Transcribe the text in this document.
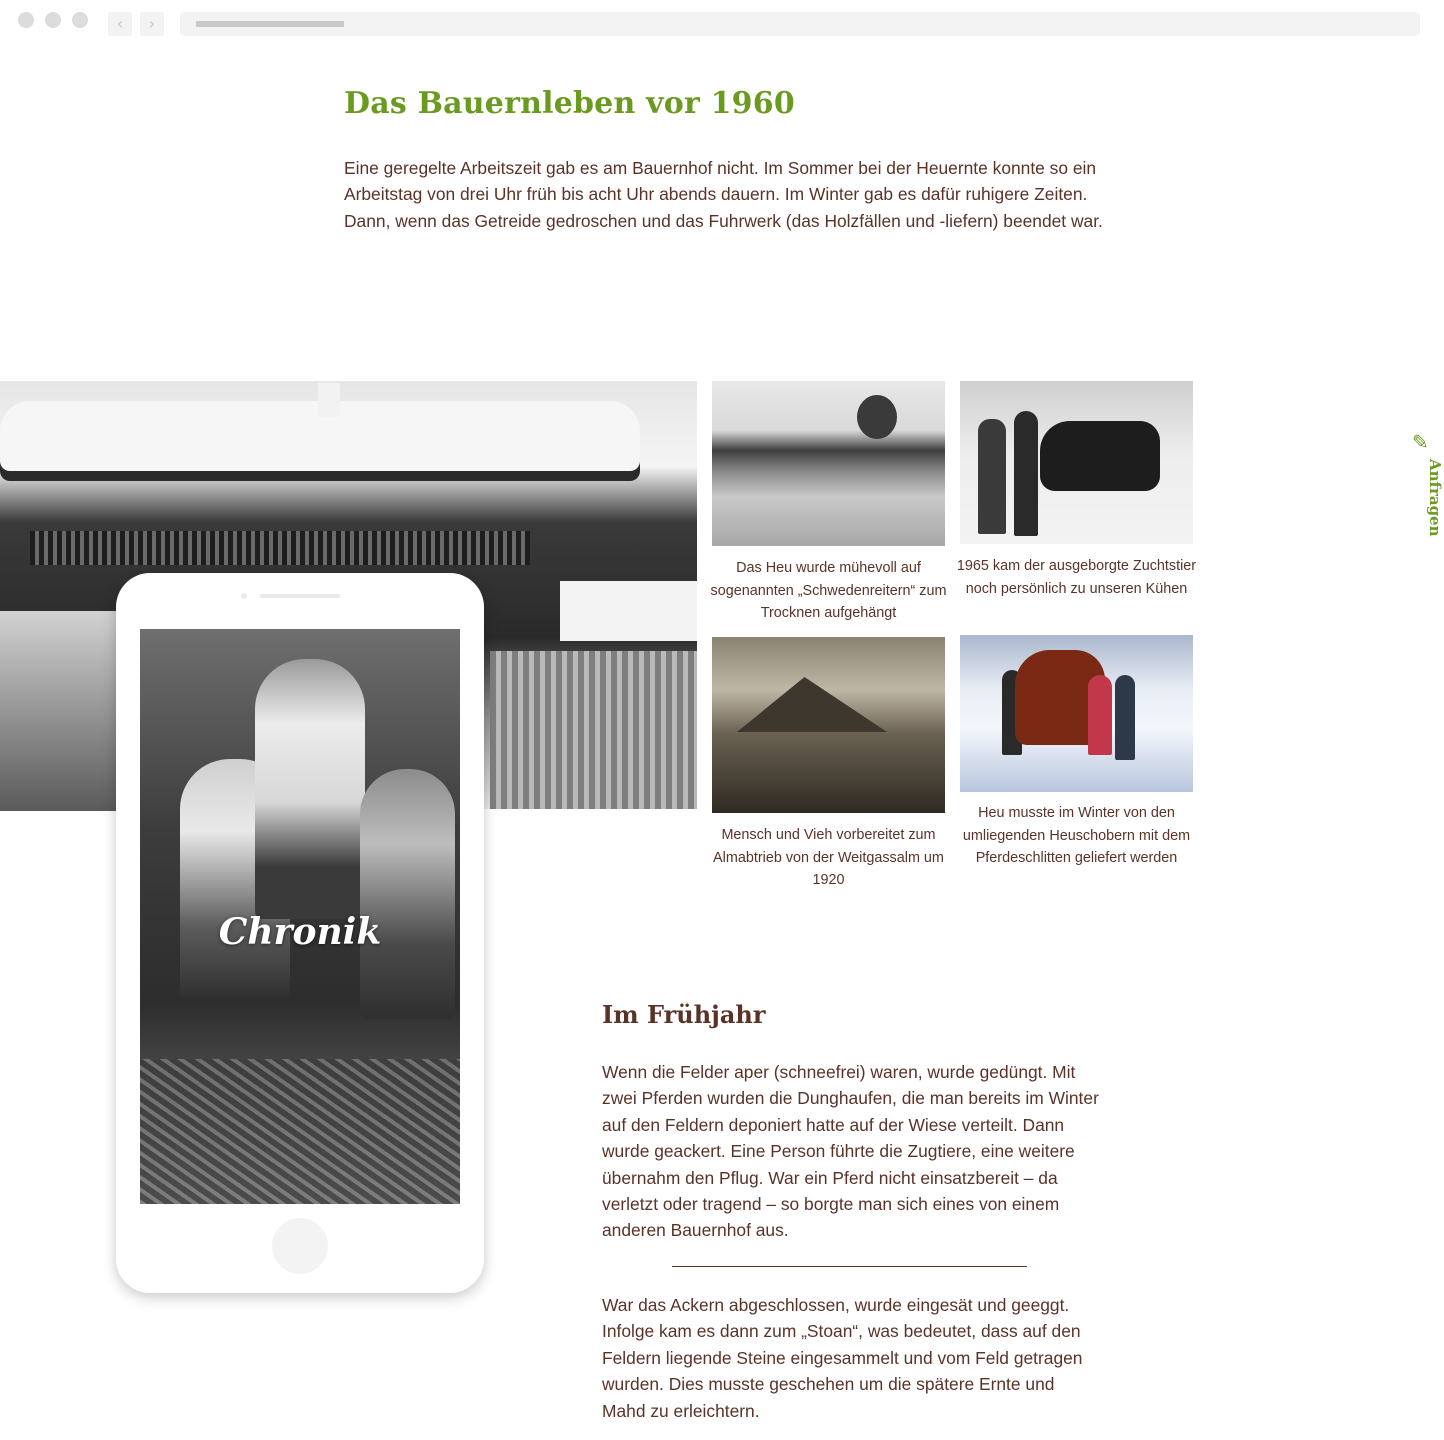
‹	›
Das Bauernleben vor 1960

Eine geregelte Arbeitszeit gab es am Bauernhof nicht. Im Sommer bei der Heuernte konnte so ein Arbeitstag von drei Uhr früh bis acht Uhr abends dauern. Im Winter gab es dafür ruhigere Zeiten. Dann, wenn das Getreide gedroschen und das Fuhrwerk (das Holzfällen und -liefern) beendet war.

Chronik

Das Heu wurde mühevoll auf sogenannten „Schwedenreitern“ zum Trocknen aufgehängt

1965 kam der ausgeborgte Zuchtstier noch persönlich zu unseren Kühen

Mensch und Vieh vorbereitet zum Almabtrieb von der Weitgassalm um 1920

Heu musste im Winter von den umliegenden Heuschobern mit dem Pferdeschlitten geliefert werden

✎
Anfragen
Im Frühjahr

Wenn die Felder aper (schneefrei) waren, wurde gedüngt. Mit zwei Pferden wurden die Dunghaufen, die man bereits im Winter auf den Feldern deponiert hatte auf der Wiese verteilt. Dann wurde geackert. Eine Person führte die Zugtiere, eine weitere übernahm den Pflug. War ein Pferd nicht einsatzbereit – da verletzt oder tragend – so borgte man sich eines von einem anderen Bauernhof aus.

War das Ackern abgeschlossen, wurde eingesät und geeggt. Infolge kam es dann zum „Stoan“, was bedeutet, dass auf den Feldern liegende Steine eingesammelt und vom Feld getragen wurden. Dies musste geschehen um die spätere Ernte und Mahd zu erleichtern.
